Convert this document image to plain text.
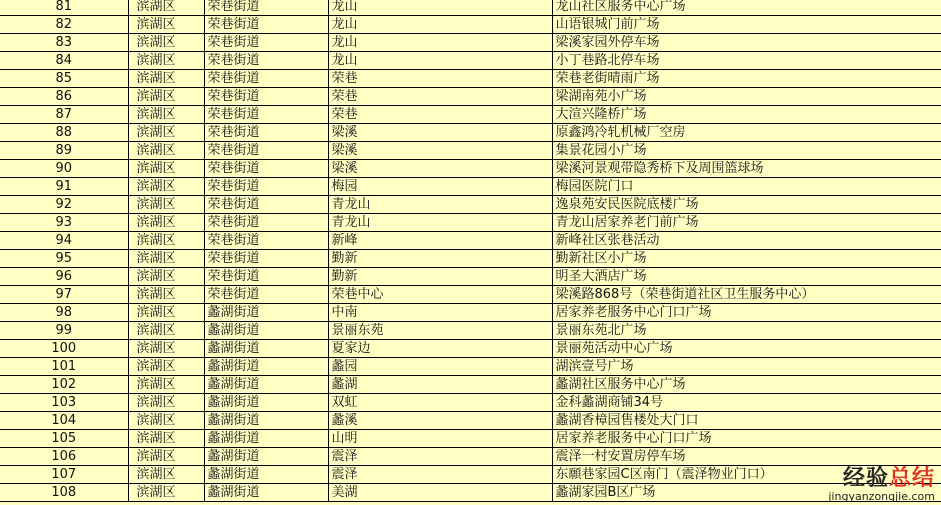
81	滨湖区	荣巷街道	龙山	龙山社区服务中心广场
82	滨湖区	荣巷街道	龙山	山语银城门前广场
83	滨湖区	荣巷街道	龙山	梁溪家园外停车场
84	滨湖区	荣巷街道	龙山	小丁巷路北停车场
85	滨湖区	荣巷街道	荣巷	荣巷老街晴雨广场
86	滨湖区	荣巷街道	荣巷	梁湖南苑小广场
87	滨湖区	荣巷街道	荣巷	大渲兴隆桥广场
88	滨湖区	荣巷街道	梁溪	原鑫鸿冷轧机械厂空房
89	滨湖区	荣巷街道	梁溪	集景花园小广场
90	滨湖区	荣巷街道	梁溪	梁溪河景观带隐秀桥下及周围篮球场
91	滨湖区	荣巷街道	梅园	梅园医院门口
92	滨湖区	荣巷街道	青龙山	逸泉苑安民医院底楼广场
93	滨湖区	荣巷街道	青龙山	青龙山居家养老门前广场
94	滨湖区	荣巷街道	新峰	新峰社区张巷活动
95	滨湖区	荣巷街道	勤新	勤新社区小广场
96	滨湖区	荣巷街道	勤新	明圣大酒店广场
97	滨湖区	荣巷街道	荣巷中心	梁溪路868号（荣巷街道社区卫生服务中心）
98	滨湖区	蠡湖街道	中南	居家养老服务中心门口广场
99	滨湖区	蠡湖街道	景丽东苑	景丽东苑北广场
100	滨湖区	蠡湖街道	夏家边	景丽苑活动中心广场
101	滨湖区	蠡湖街道	蠡园	湖滨壹号广场
102	滨湖区	蠡湖街道	蠡湖	蠡湖社区服务中心广场
103	滨湖区	蠡湖街道	双虹	金科蠡湖商铺34号
104	滨湖区	蠡湖街道	蠡溪	蠡湖香樟园售楼处大门口
105	滨湖区	蠡湖街道	山明	居家养老服务中心门口广场
106	滨湖区	蠡湖街道	震泽	震泽一村安置房停车场
107	滨湖区	蠡湖街道	震泽	东願巷家园C区南门（震泽物业门口）
108	滨湖区	蠡湖街道	美湖	蠡湖家园B区广场
经验总结
jingyanzongjie.com
